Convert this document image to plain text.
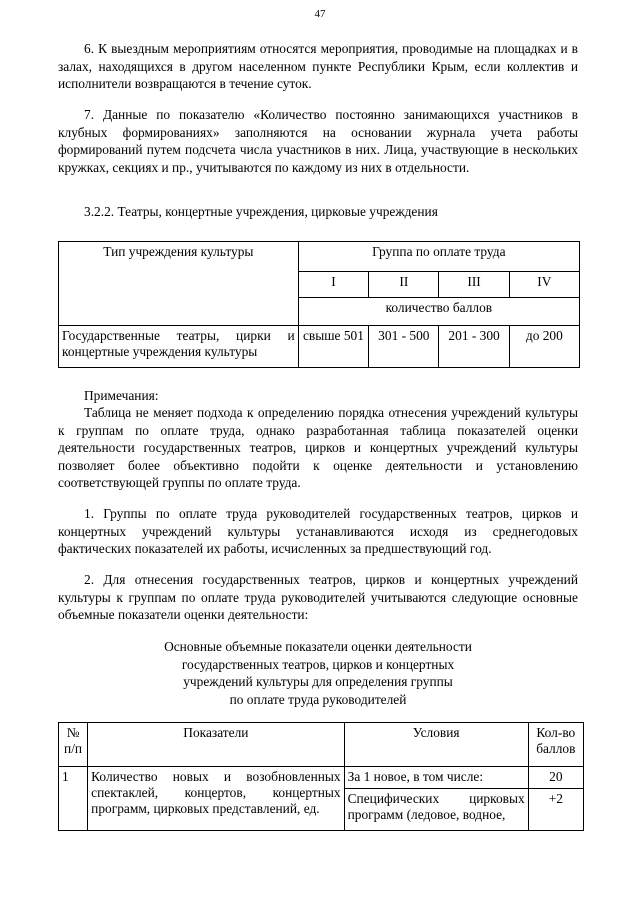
47
6. К выездным мероприятиям относятся мероприятия, проводимые на площадках и в залах, находящихся в другом населенном пункте Республики Крым, если коллектив и исполнители возвращаются в течение суток.
7. Данные по показателю «Количество постоянно занимающихся участников в клубных формированиях» заполняются на основании журнала учета работы формирований путем подсчета числа участников в них. Лица, участвующие в нескольких кружках, секциях и пр., учитываются по каждому из них в отдельности.
3.2.2. Театры, концертные учреждения, цирковые учреждения
Тип учреждения культуры	Группа по оплате труда			
	I	II	III	IV
	количество баллов			
Государственные театры, цирки и концертные учреждения культуры	свыше 501	301 - 500	201 - 300	до 200
Примечания:
Таблица не меняет подхода к определению порядка отнесения учреждений культуры к группам по оплате труда, однако разработанная таблица показателей оценки деятельности государственных театров, цирков и концертных учреждений культуры позволяет более объективно подойти к оценке деятельности и установлению соответствующей группы по оплате труда.
1. Группы по оплате труда руководителей государственных театров, цирков и концертных учреждений культуры устанавливаются исходя из среднегодовых фактических показателей их работы, исчисленных за предшествующий год.
2. Для отнесения государственных театров, цирков и концертных учреждений культуры к группам по оплате труда руководителей учитываются следующие основные объемные показатели оценки деятельности:
Основные объемные показатели оценки деятельности
государственных театров, цирков и концертных
учреждений культуры для определения группы
по оплате труда руководителей
№ п/п	Показатели	Условия	Кол-во баллов
1	Количество новых и возобновленных спектаклей, концертов, концертных программ, цирковых представлений, ед.	За 1 новое, в том числе:	20
		Специфических цирковых программ (ледовое, водное,	+2
